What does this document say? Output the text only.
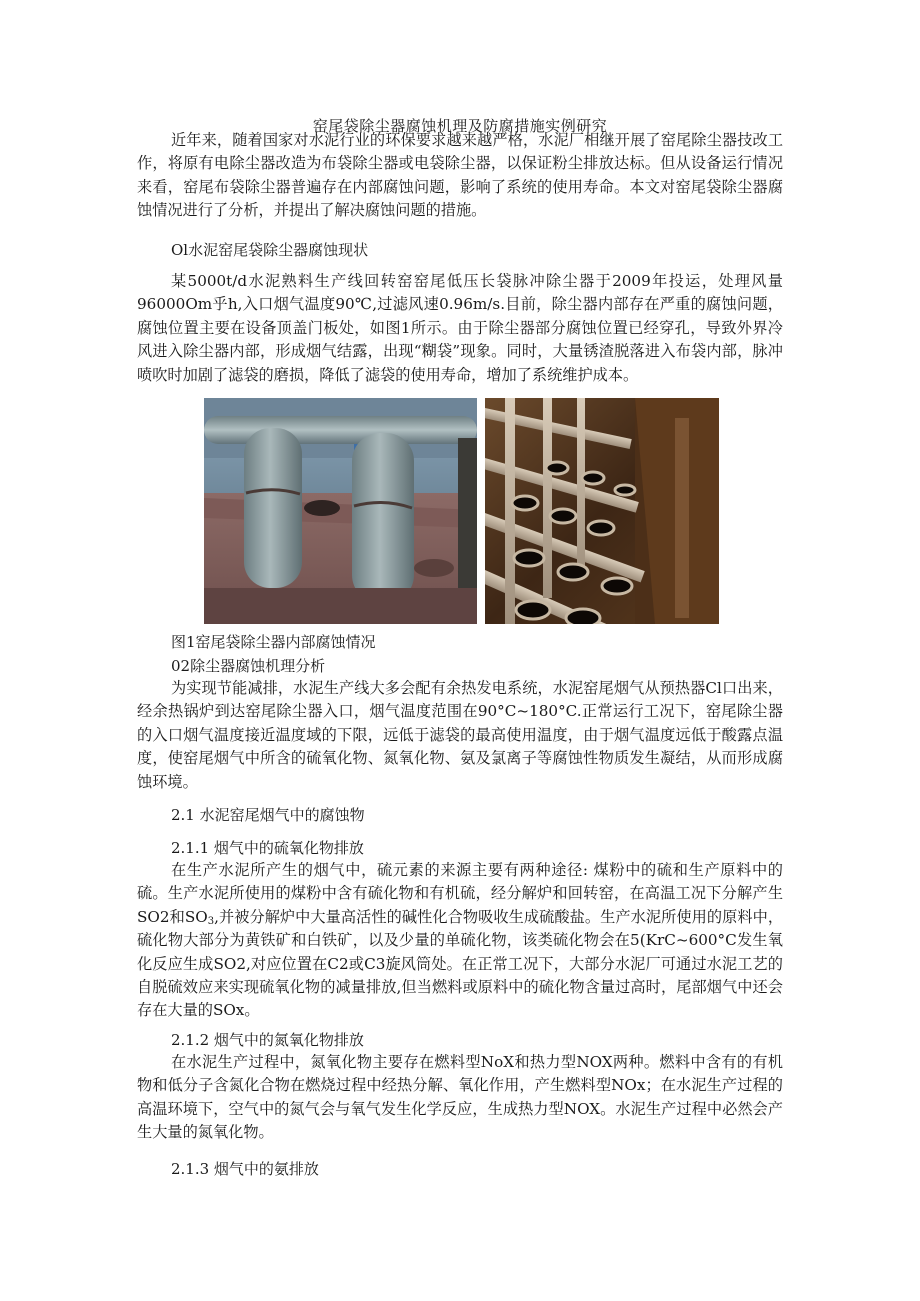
窑尾袋除尘器腐蚀机理及防腐措施实例研究

近年来，随着国家对水泥行业的环保要求越来越严格，水泥厂相继开展了窑尾除尘器技改工作，将原有电除尘器改造为布袋除尘器或电袋除尘器，以保证粉尘排放达标。但从设备运行情况来看，窑尾布袋除尘器普遍存在内部腐蚀问题，影响了系统的使用寿命。本文对窑尾袋除尘器腐蚀情况进行了分析，并提出了解决腐蚀问题的措施。

Ol水泥窑尾袋除尘器腐蚀现状

某5000t/d水泥熟料生产线回转窑窑尾低压长袋脉冲除尘器于2009年投运，处理风量96000Om乎h,入口烟气温度90℃,过滤风速0.96m/s.目前，除尘器内部存在严重的腐蚀问题，腐蚀位置主要在设备顶盖门板处，如图1所示。由于除尘器部分腐蚀位置已经穿孔，导致外界冷风进入除尘器内部，形成烟气结露，出现“糊袋”现象。同时，大量锈渣脱落进入布袋内部，脉冲喷吹时加剧了滤袋的磨损，降低了滤袋的使用寿命，增加了系统维护成本。

图1窑尾袋除尘器内部腐蚀情况

02除尘器腐蚀机理分析

为实现节能减排，水泥生产线大多会配有余热发电系统，水泥窑尾烟气从预热器Cl口出来，经余热锅炉到达窑尾除尘器入口，烟气温度范围在90°C~180°C.正常运行工况下，窑尾除尘器的入口烟气温度接近温度域的下限，远低于滤袋的最高使用温度，由于烟气温度远低于酸露点温度，使窑尾烟气中所含的硫氧化物、氮氧化物、氨及氯离子等腐蚀性物质发生凝结，从而形成腐蚀环境。

2.1 水泥窑尾烟气中的腐蚀物

2.1.1 烟气中的硫氧化物排放

在生产水泥所产生的烟气中，硫元素的来源主要有两种途径: 煤粉中的硫和生产原料中的硫。生产水泥所使用的煤粉中含有硫化物和有机硫，经分解炉和回转窑，在高温工况下分解产生SO2和$SO_3$,并被分解炉中大量高活性的碱性化合物吸收生成硫酸盐。生产水泥所使用的原料中，硫化物大部分为黄铁矿和白铁矿，以及少量的单硫化物，该类硫化物会在5(KrC~600°C发生氧化反应生成SO2,对应位置在C2或C3旋风筒处。在正常工况下，大部分水泥厂可通过水泥工艺的自脱硫效应来实现硫氧化物的减量排放,但当燃料或原料中的硫化物含量过高时，尾部烟气中还会存在大量的SOx。

2.1.2 烟气中的氮氧化物排放

在水泥生产过程中，氮氧化物主要存在燃料型NoX和热力型NOX两种。燃料中含有的有机物和低分子含氮化合物在燃烧过程中经热分解、氧化作用，产生燃料型NOx；在水泥生产过程的高温环境下，空气中的氮气会与氧气发生化学反应，生成热力型NOX。水泥生产过程中必然会产生大量的氮氧化物。

2.1.3 烟气中的氨排放
